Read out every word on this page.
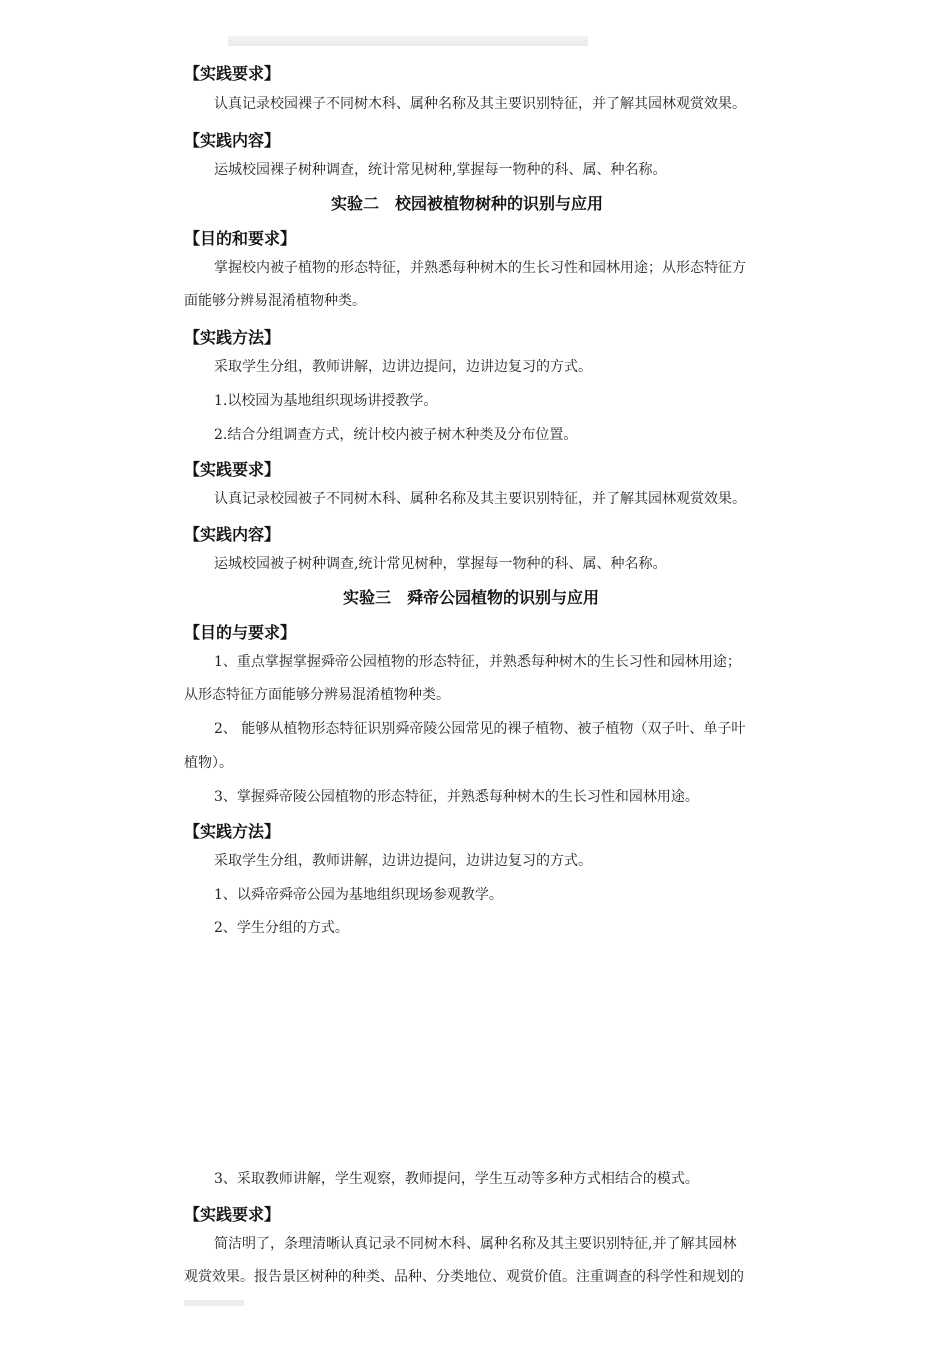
【实践要求】
认真记录校园裸子不同树木科、属种名称及其主要识别特征，并了解其园林观赏效果。
【实践内容】
运城校园裸子树种调查，统计常见树种,掌握每一物种的科、属、种名称。
实验二　校园被植物树种的识别与应用
【目的和要求】
掌握校内被子植物的形态特征，并熟悉每种树木的生长习性和园林用途；从形态特征方
面能够分辨易混淆植物种类。
【实践方法】
采取学生分组，教师讲解，边讲边提问，边讲边复习的方式。
1.以校园为基地组织现场讲授教学。
2.结合分组调查方式，统计校内被子树木种类及分布位置。
【实践要求】
认真记录校园被子不同树木科、属种名称及其主要识别特征，并了解其园林观赏效果。
【实践内容】
运城校园被子树种调查,统计常见树种，掌握每一物种的科、属、种名称。
实验三　舜帝公园植物的识别与应用
【目的与要求】
1、重点掌握掌握舜帝公园植物的形态特征，并熟悉每种树木的生长习性和园林用途；
从形态特征方面能够分辨易混淆植物种类。
2、 能够从植物形态特征识别舜帝陵公园常见的裸子植物、被子植物（双子叶、单子叶
植物）。
3、掌握舜帝陵公园植物的形态特征，并熟悉每种树木的生长习性和园林用途。
【实践方法】
采取学生分组，教师讲解，边讲边提问，边讲边复习的方式。
1、以舜帝舜帝公园为基地组织现场参观教学。
2、学生分组的方式。
3、采取教师讲解，学生观察，教师提问，学生互动等多种方式相结合的模式。
【实践要求】
简洁明了，条理清晰认真记录不同树木科、属种名称及其主要识别特征,并了解其园林
观赏效果。报告景区树种的种类、品种、分类地位、观赏价值。注重调查的科学性和规划的
